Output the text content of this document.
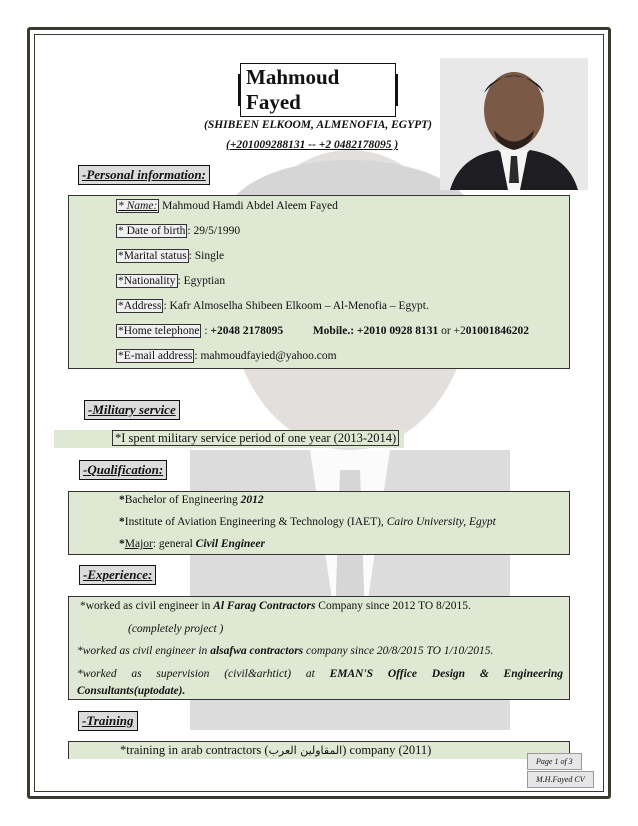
Mahmoud Fayed
(SHIBEEN ELKOOM, ALMENOFIA, EGYPT)
(+201009288131 -- +2 0482178095 )
-Personal information:
* Name: Mahmoud Hamdi Abdel Aleem Fayed
* Date of birth : 29/5/1990
*Marital status : Single
*Nationality : Egyptian
*Address : Kafr Almoselha Shibeen Elkoom – Al-Menofia – Egypt.
*Home telephone : +2048 2178095	Mobile.: +2010 0928 8131 or +201001846202
*E-mail address : mahmoudfayied@yahoo.com
-Military service
*I spent military service period of one year (2013-2014)
-Qualification:
*Bachelor of Engineering 2012
*Institute of Aviation Engineering & Technology (IAET), Cairo University, Egypt
*Major: general Civil Engineer
-Experience:
*worked as civil engineer in Al Farag Contractors Company since 2012 TO 8/2015.
(completely project )
*worked as civil engineer in alsafwa contractors company since 20/8/2015 TO 1/10/2015.
*worked as supervision (civil&arhtict) at EMAN'S Office Design & Engineering Consultants(uptodate).
-Training
*training in arab contractors (المقاولين العرب) company (2011)
Page 1 of 3
M.H.Fayed CV
